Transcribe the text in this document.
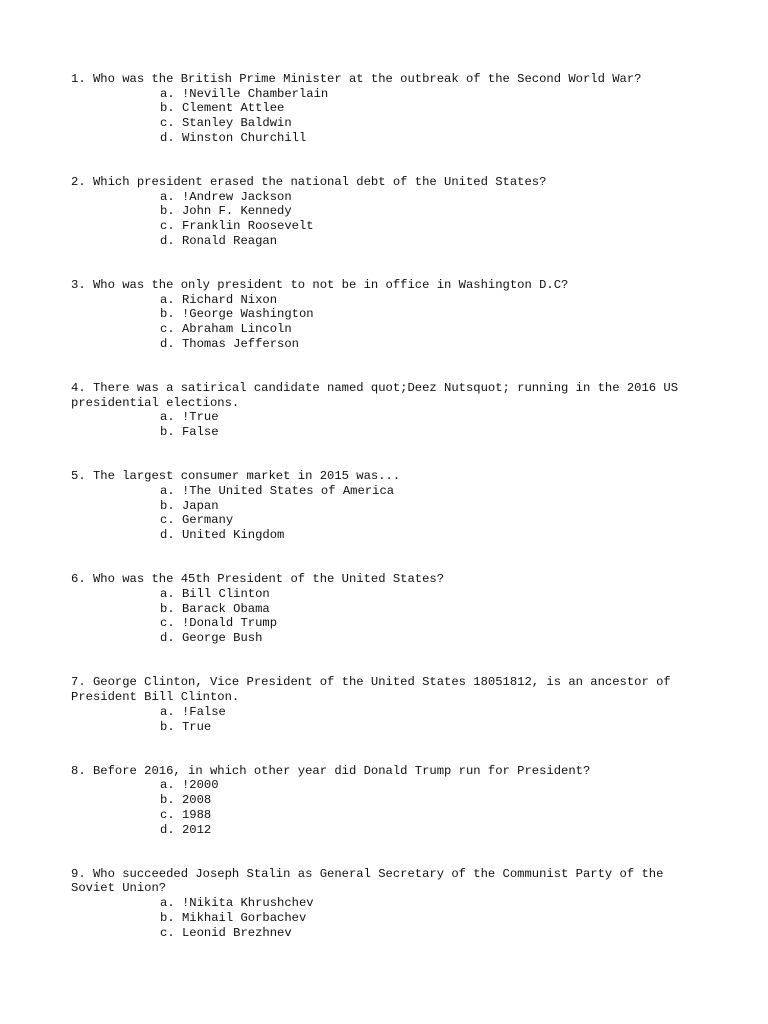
1. Who was the British Prime Minister at the outbreak of the Second World War?
a. !Neville Chamberlain
b. Clement Attlee
c. Stanley Baldwin
d. Winston Churchill
2. Which president erased the national debt of the United States?
a. !Andrew Jackson
b. John F. Kennedy
c. Franklin Roosevelt
d. Ronald Reagan
3. Who was the only president to not be in office in Washington D.C?
a. Richard Nixon
b. !George Washington
c. Abraham Lincoln
d. Thomas Jefferson
4. There was a satirical candidate named quot;Deez Nutsquot; running in the 2016 US presidential elections.
a. !True
b. False
5. The largest consumer market in 2015 was...
a. !The United States of America
b. Japan
c. Germany
d. United Kingdom
6. Who was the 45th President of the United States?
a. Bill Clinton
b. Barack Obama
c. !Donald Trump
d. George Bush
7. George Clinton, Vice President of the United States 18051812, is an ancestor of President Bill Clinton.
a. !False
b. True
8. Before 2016, in which other year did Donald Trump run for President?
a. !2000
b. 2008
c. 1988
d. 2012
9. Who succeeded Joseph Stalin as General Secretary of the Communist Party of the Soviet Union?
a. !Nikita Khrushchev
b. Mikhail Gorbachev
c. Leonid Brezhnev
